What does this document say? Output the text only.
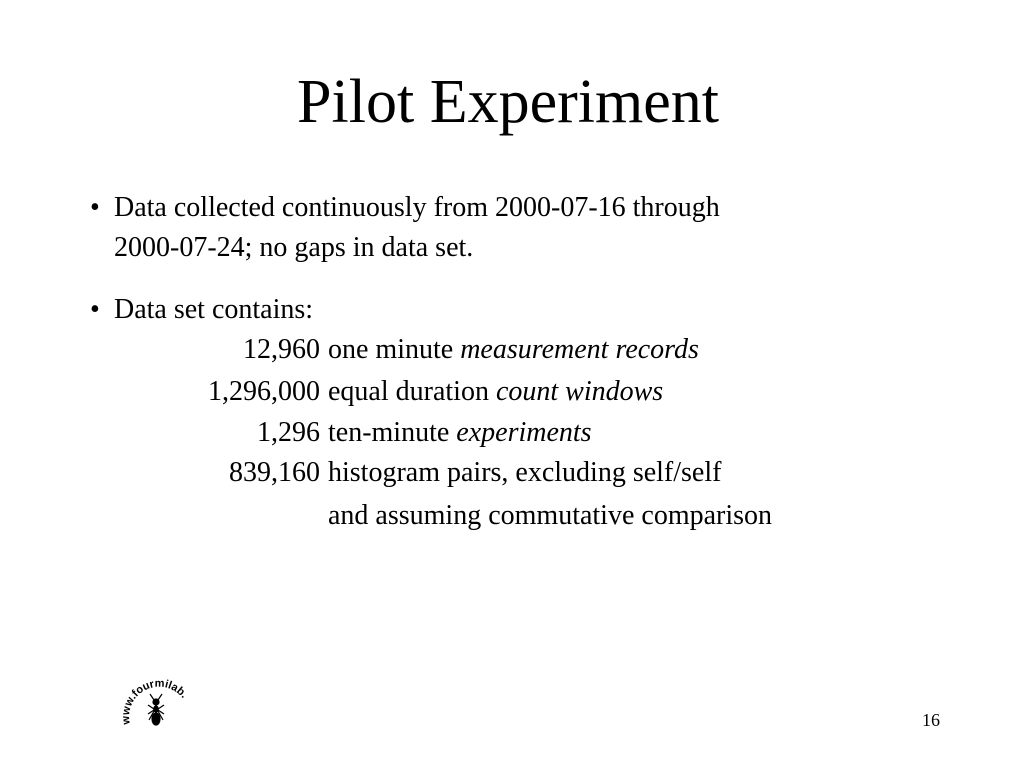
Pilot Experiment
• Data collected continuously from 2000-07-16 through
2000-07-24; no gaps in data set.
• Data set contains:
12,960 one minute measurement records
1,296,000 equal duration count windows
1,296 ten-minute experiments
839,160 histogram pairs, excluding self/self
and assuming commutative comparison
www.fourmilab.
16
